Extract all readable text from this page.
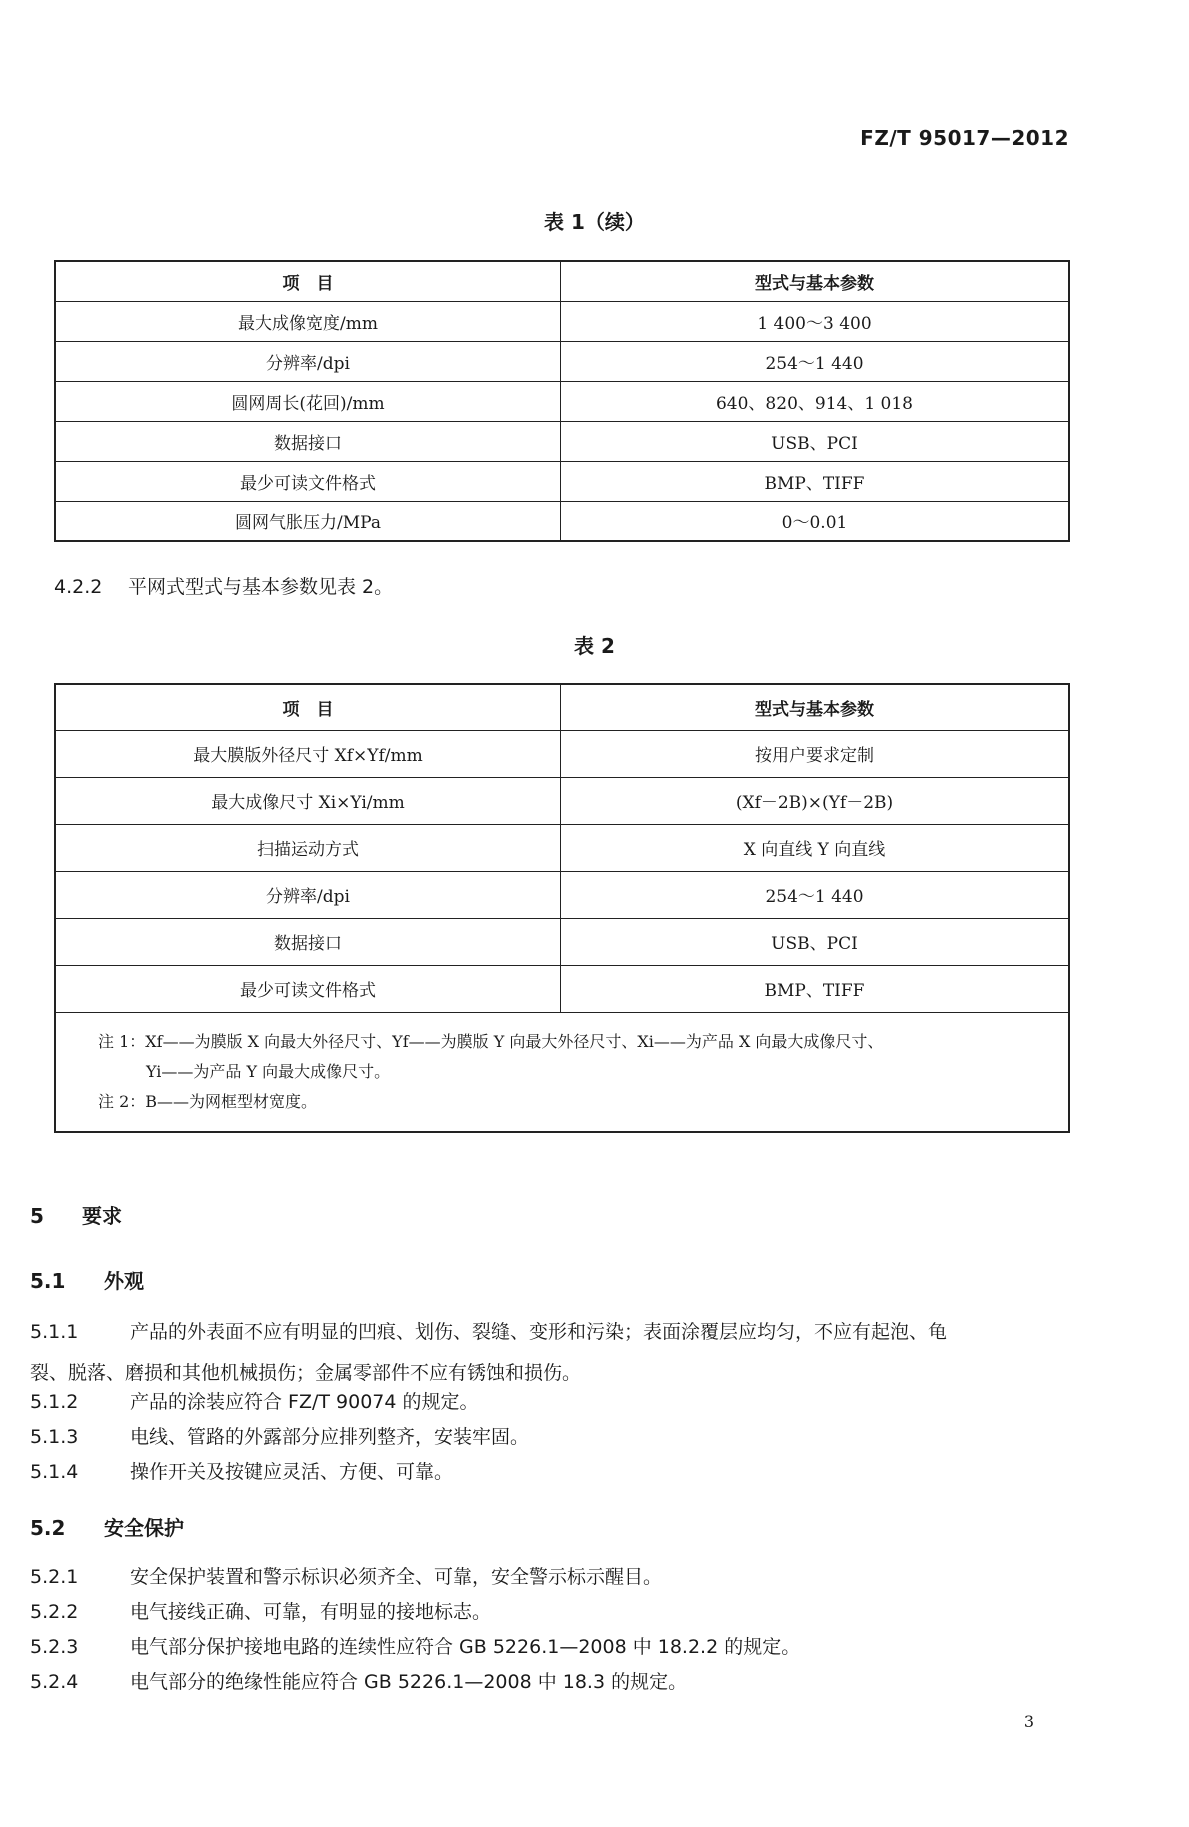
FZ/T 95017—2012
表 1（续）
项　目	型式与基本参数
最大成像宽度/mm	1 400～3 400
分辨率/dpi	254～1 440
圆网周长(花回)/mm	640、820、914、1 018
数据接口	USB、PCI
最少可读文件格式	BMP、TIFF
圆网气胀压力/MPa	0～0.01
4.2.2 平网式型式与基本参数见表 2。
表 2
项　目	型式与基本参数
最大膜版外径尺寸 Xf×Yf/mm	按用户要求定制
最大成像尺寸 Xi×Yi/mm	(Xf－2B)×(Yf－2B)
扫描运动方式	X 向直线 Y 向直线
分辨率/dpi	254～1 440
数据接口	USB、PCI
最少可读文件格式	BMP、TIFF

注 1：Xf——为膜版 X 向最大外径尺寸、Yf——为膜版 Y 向最大外径尺寸、Xi——为产品 X 向最大成像尺寸、
Yi——为产品 Y 向最大成像尺寸。
注 2：B——为网框型材宽度。	
5 要求
5.1 外观
5.1.1	产品的外表面不应有明显的凹痕、划伤、裂缝、变形和污染；表面涂覆层应均匀，不应有起泡、龟
裂、脱落、磨损和其他机械损伤；金属零部件不应有锈蚀和损伤。
5.1.2	产品的涂装应符合 FZ/T 90074 的规定。
5.1.3	电线、管路的外露部分应排列整齐，安装牢固。
5.1.4	操作开关及按键应灵活、方便、可靠。
5.2 安全保护
5.2.1	安全保护装置和警示标识必须齐全、可靠，安全警示标示醒目。
5.2.2	电气接线正确、可靠，有明显的接地标志。
5.2.3	电气部分保护接地电路的连续性应符合 GB 5226.1—2008 中 18.2.2 的规定。
5.2.4	电气部分的绝缘性能应符合 GB 5226.1—2008 中 18.3 的规定。
3
